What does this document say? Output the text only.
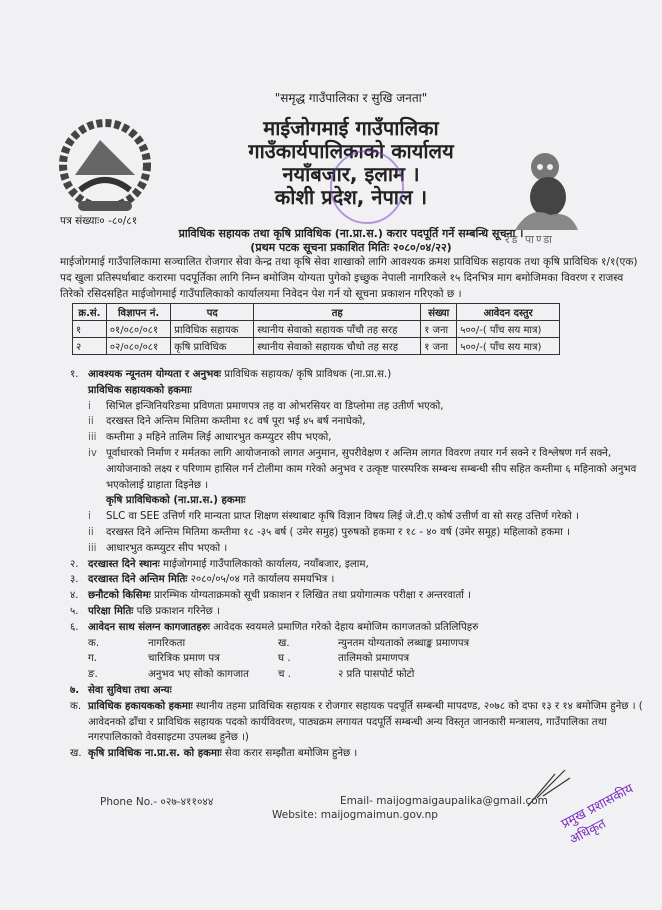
"समृद्ध गाउँपालिका र सुखि जनता"
रेड पाण्डा
माईजोगमाई गाउँपालिका
गाउँकार्यपालिकाको कार्यालय
नयाँबजार, इलाम ।
कोशी प्रदेश, नेपाल ।
पत्र संख्याः० -८०/८१
प्राविधिक सहायक तथा कृषि प्राविधिक (ना.प्रा.स.) करार पदपूर्ति गर्ने सम्बन्धि सूचना ।
(प्रथम पटक सूचना प्रकाशित मितिः २०८०/०४/२२)
माईजोगमाई गाउँपालिकामा सञ्चालित रोजगार सेवा केन्द्र तथा कृषि सेवा शाखाको लागि आवश्यक क्रमश प्राविधिक सहायक तथा कृषि प्राविधिक १/१(एक) पद खुला प्रतिस्पर्धाबाट करारमा पदपूर्तिका लागि निम्न बमोजिम योग्यता पुगेको इच्छुक नेपाली नागरिकले १५ दिनभित्र माग बमोजिमका विवरण र राजस्व तिरेको रसिदसहित माईजोगमाई गाउँपालिकाको कार्यालयमा निवेदन पेश गर्न यो सूचना प्रकाशन गरिएको छ ।
क्र.सं.	विज्ञापन नं.	पद	तह	संख्या	आवेदन दस्तुर
१	०१/०८०/०८१	प्राविधिक सहायक	स्थानीय सेवाको सहायक पाँचौ तह सरह	१ जना	५००/-( पाँच सय मात्र)
२	०२/०८०/०८१	कृषि प्राविधिक	स्थानीय सेवाको सहायक चौथो तह सरह	१ जना	५००/-( पाँच सय मात्र)
१. आवश्यक न्यूनतम योग्यता र अनुभवः
प्राविधिक सहायक/ कृषि प्राविधक (ना.प्रा.स.)
प्राविधिक सहायकको हकमाः
i	सिभिल इन्जिनियरिङमा प्रविणता प्रमाणपत्र तह वा ओभरसियर वा डिप्लोमा तह उतीर्ण भएको,
ii	दरखस्त दिने अन्तिम मितिमा कम्तीमा १८ वर्ष पूरा भई ४५ बर्ष ननाघेको,
iii कम्तीमा ३ महिने तालिम लिई आधारभुत कम्प्युटर सीप भएको,
iv पूर्वाधारको निर्माण र मर्मतका लागि आयोजनाको लागत अनुमान, सुपरीवेक्षण र अन्तिम लागत विवरण तयार गर्न सक्ने र विश्लेषण गर्न सक्ने, आयोजनाको लक्ष्य र परिणाम हासिल गर्न टोलीमा काम गरेको अनुभव र उत्कृष्ट पारस्परिक सम्बन्ध सम्बन्धी सीप सहित कम्तीमा ६ महिनाको अनुभव भएकोलाई ग्राहाता दिइनेछ ।
कृषि प्राविधिकको (ना.प्रा.स.) हकमाः
i	SLC वा SEE उत्तिर्ण गरि मान्यता प्राप्त शिक्षण संस्थाबाट कृषि विज्ञान विषय लिई जे.टी.ए कोर्ष उत्तीर्ण वा सो सरह उत्तिर्ण गरेको ।
ii	दरखस्त दिने अन्तिम मितिमा कम्तीमा १८ -३५ बर्ष ( उमेर समुह) पुरुषको हकमा र १८ - ४० वर्ष (उमेर समूह) महिलाको हकमा ।
iii आधारभुत कम्प्युटर सीप भएको ।
२. दरखास्त दिने स्थानः
माईजोगमाई गाउँपालिकाको कार्यालय, नयाँबजार, इलाम,
३. दरखास्त दिने अन्तिम मितिः
२०८०/०५/०४ गते कार्यालय समयभित्र ।
४. छनौटको किसिमः
प्रारम्भिक योग्यताक्रमको सूची प्रकाशन र लिखित तथा प्रयोगात्मक परीक्षा र अन्तरवार्ता ।
५. परिक्षा मितिः
पछि प्रकाशन गरिनेछ ।
६. आवेदन साथ संलग्न कागजातहरुः
आवेदक स्वयमले प्रमाणित गरेको देहाय बमोजिम कागजतको प्रतिलिपिहरु
क.	नागरिकता	ख.	न्युनतम योग्यताको लब्धाङ्क प्रमाणपत्र
ग.	चारित्रिक प्रमाण पत्र	घ .	तालिमको प्रमाणपत्र
ङ.	अनुभव भए सोको कागजात	च .	२ प्रति पासपोर्ट फोटो
७. सेवा सुविधा तथा अन्यः
क. प्राविधिक हकायकको हकमाः स्थानीय तहमा प्राविधिक सहायक र रोजगार सहायक पदपूर्ति सम्बन्धी मापदण्ड, २०७८ को दफा १३ र १४ बमोजिम हुनेछ । ( आवेदनको ढाँचा र प्राविधिक सहायक पदको कार्यविवरण, पाठ्यक्रम लगायत पदपूर्ति सम्बन्धी अन्य विस्तृत जानकारी मन्त्रालय, गाउँपालिका तथा नगरपालिकाको वेवसाइटमा उपलब्ध हुनेछ ।)
ख. कृषि प्राविधिक ना.प्रा.स. को हकमाः
सेवा करार सम्झौता बमोजिम हुनेछ ।
प्रमुख प्रशासकीय अधिकृत
Phone No.- ०२७-४११०४४	Email- maijogmaigaupalika@gmail.com
Website: maijogmaimun.gov.np
